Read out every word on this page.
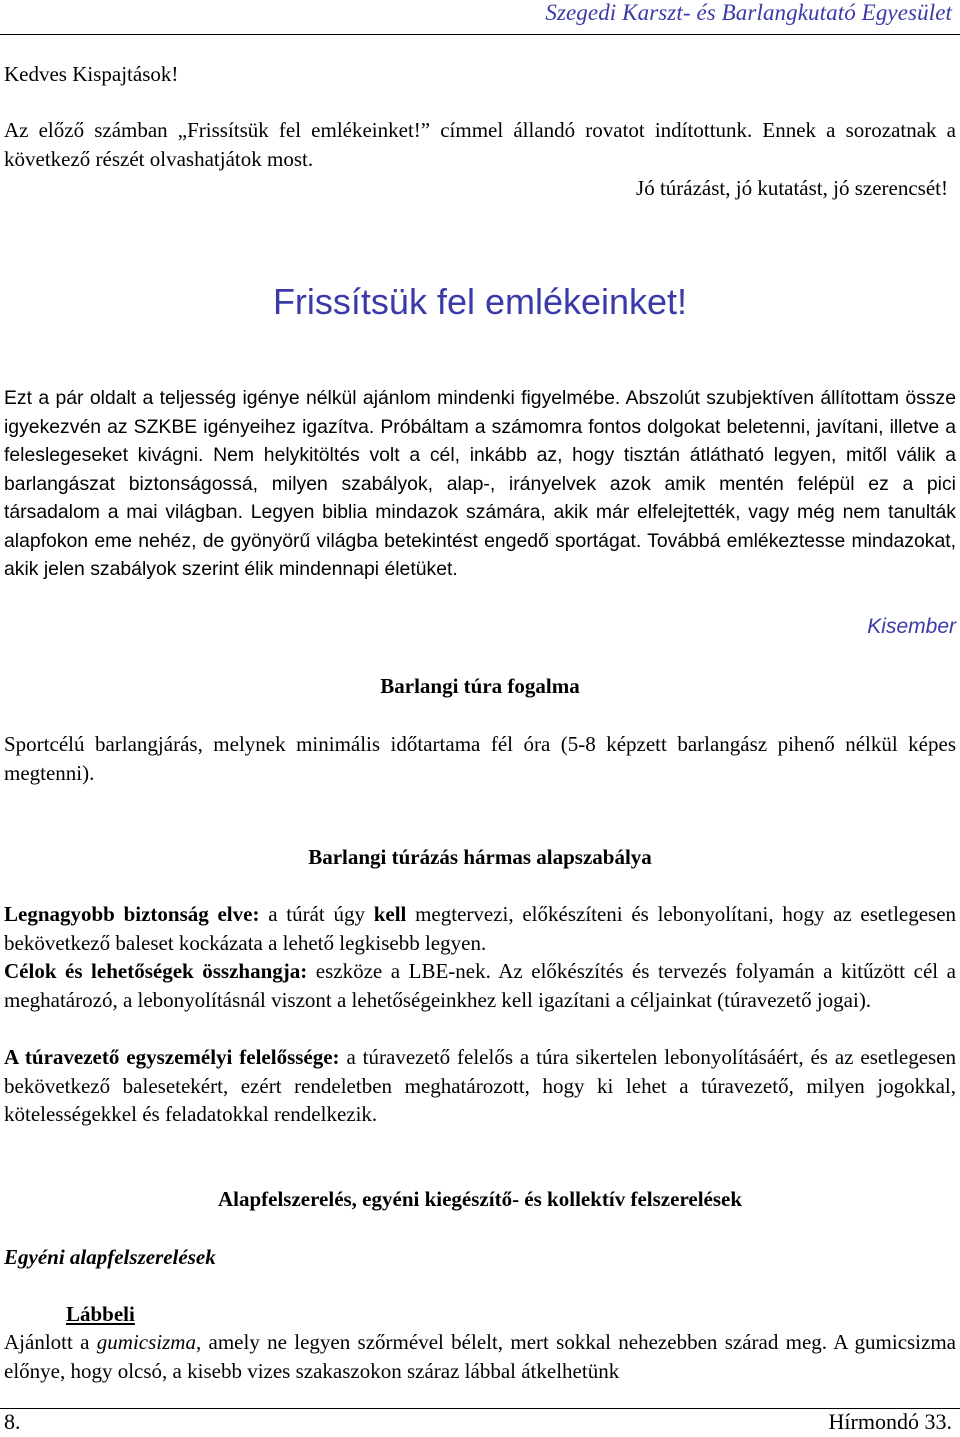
Szegedi Karszt- és Barlangkutató Egyesület
Kedves Kispajtások!
Az előző számban „Frissítsük fel emlékeinket!” címmel állandó rovatot indítottunk. Ennek a sorozatnak a következő részét olvashatjátok most.
Jó túrázást, jó kutatást, jó szerencsét!
Frissítsük fel emlékeinket!
Ezt a pár oldalt a teljesség igénye nélkül ajánlom mindenki figyelmébe. Abszolút szubjektíven állítottam össze igyekezvén az SZKBE igényeihez igazítva. Próbáltam a számomra fontos dolgokat beletenni, javítani, illetve a feleslegeseket kivágni. Nem helykitöltés volt a cél, inkább az, hogy tisztán átlátható legyen, mitől válik a barlangászat biztonságossá, milyen szabályok, alap-, irányelvek azok amik mentén felépül ez a pici társadalom a mai világban. Legyen biblia mindazok számára, akik már elfelejtették, vagy még nem tanulták alapfokon eme nehéz, de gyönyörű világba betekintést engedő sportágat. Továbbá emlékeztesse mindazokat, akik jelen szabályok szerint élik mindennapi életüket.
Kisember
Barlangi túra fogalma
Sportcélú barlangjárás, melynek minimális időtartama fél óra (5-8 képzett barlangász pihenő nélkül képes megtenni).
Barlangi túrázás hármas alapszabálya
Legnagyobb biztonság elve: a túrát úgy kell megtervezi, előkészíteni és lebonyolítani, hogy az esetlegesen bekövetkező baleset kockázata a lehető legkisebb legyen.
Célok és lehetőségek összhangja: eszköze a LBE-nek. Az előkészítés és tervezés folyamán a kitűzött cél a meghatározó, a lebonyolításnál viszont a lehetőségeinkhez kell igazítani a céljainkat (túravezető jogai).
A túravezető egyszemélyi felelőssége: a túravezető felelős a túra sikertelen lebonyolításáért, és az esetlegesen bekövetkező balesetekért, ezért rendeletben meghatározott, hogy ki lehet a túravezető, milyen jogokkal, kötelességekkel és feladatokkal rendelkezik.
Alapfelszerelés, egyéni kiegészítő- és kollektív felszerelések
Egyéni alapfelszerelések
Lábbeli
Ajánlott a gumicsizma, amely ne legyen szőrmével bélelt, mert sokkal nehezebben szárad meg. A gumicsizma előnye, hogy olcsó, a kisebb vizes szakaszokon száraz lábbal átkelhetünk
8.	Hírmondó 33.
